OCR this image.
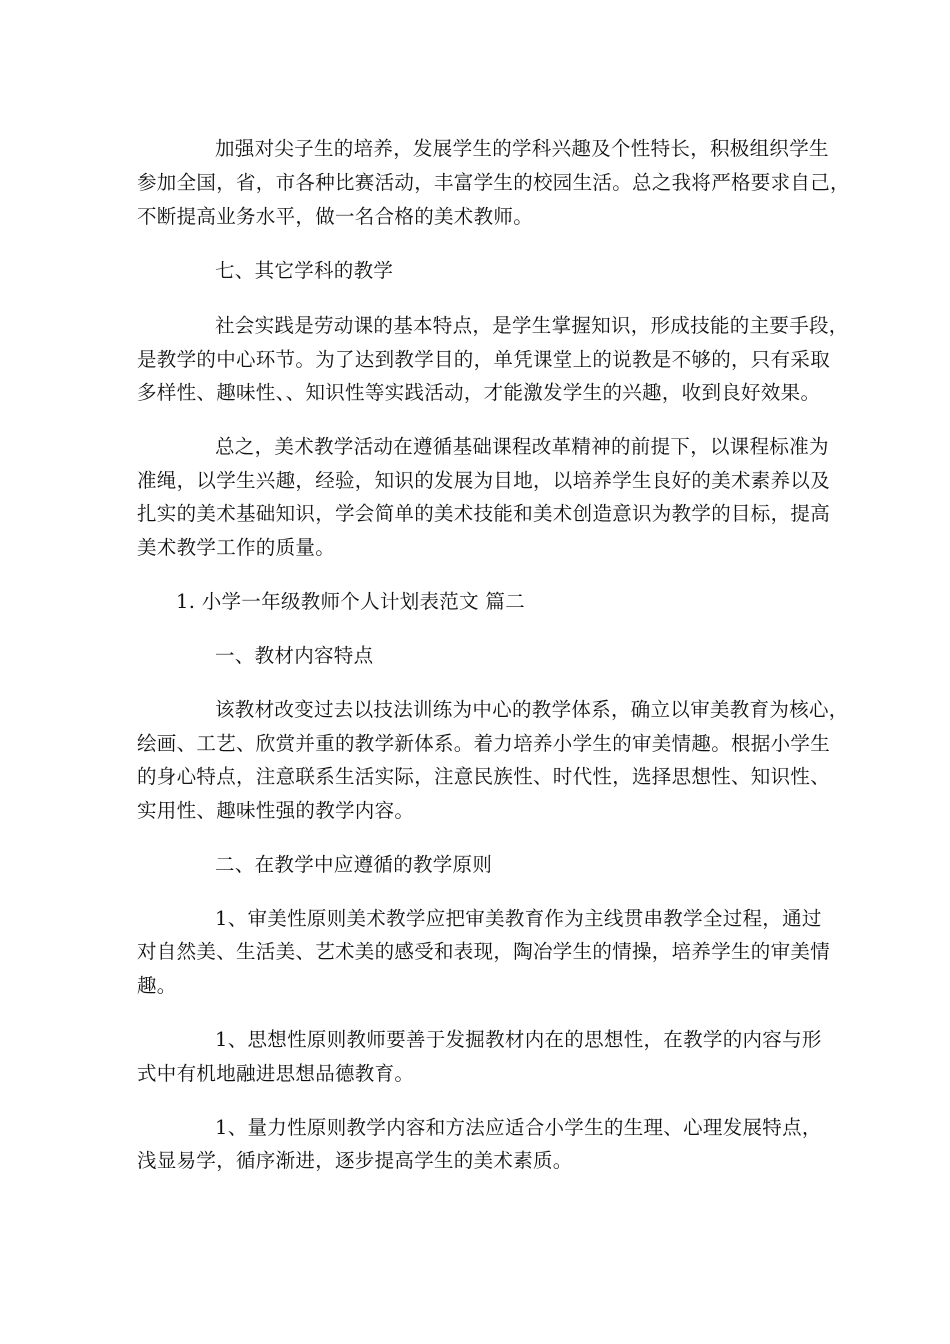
加强对尖子生的培养，发展学生的学科兴趣及个性特长，积极组织学生
参加全国，省，市各种比赛活动，丰富学生的校园生活。总之我将严格要求自己，
不断提高业务水平，做一名合格的美术教师。
七、其它学科的教学
社会实践是劳动课的基本特点，是学生掌握知识，形成技能的主要手段，
是教学的中心环节。为了达到教学目的，单凭课堂上的说教是不够的，只有采取
多样性、趣味性、、知识性等实践活动，才能激发学生的兴趣，收到良好效果。
总之，美术教学活动在遵循基础课程改革精神的前提下，以课程标准为
准绳，以学生兴趣，经验，知识的发展为目地，以培养学生良好的美术素养以及
扎实的美术基础知识，学会简单的美术技能和美术创造意识为教学的目标，提高
美术教学工作的质量。
1. 小学一年级教师个人计划表范文 篇二
一、教材内容特点
该教材改变过去以技法训练为中心的教学体系，确立以审美教育为核心，
绘画、工艺、欣赏并重的教学新体系。着力培养小学生的审美情趣。根据小学生
的身心特点，注意联系生活实际，注意民族性、时代性，选择思想性、知识性、
实用性、趣味性强的教学内容。
二、在教学中应遵循的教学原则
1、审美性原则美术教学应把审美教育作为主线贯串教学全过程，通过
对自然美、生活美、艺术美的感受和表现，陶冶学生的情操，培养学生的审美情
趣。
1、思想性原则教师要善于发掘教材内在的思想性，在教学的内容与形
式中有机地融进思想品德教育。
1、量力性原则教学内容和方法应适合小学生的生理、心理发展特点，
浅显易学，循序渐进，逐步提高学生的美术素质。
